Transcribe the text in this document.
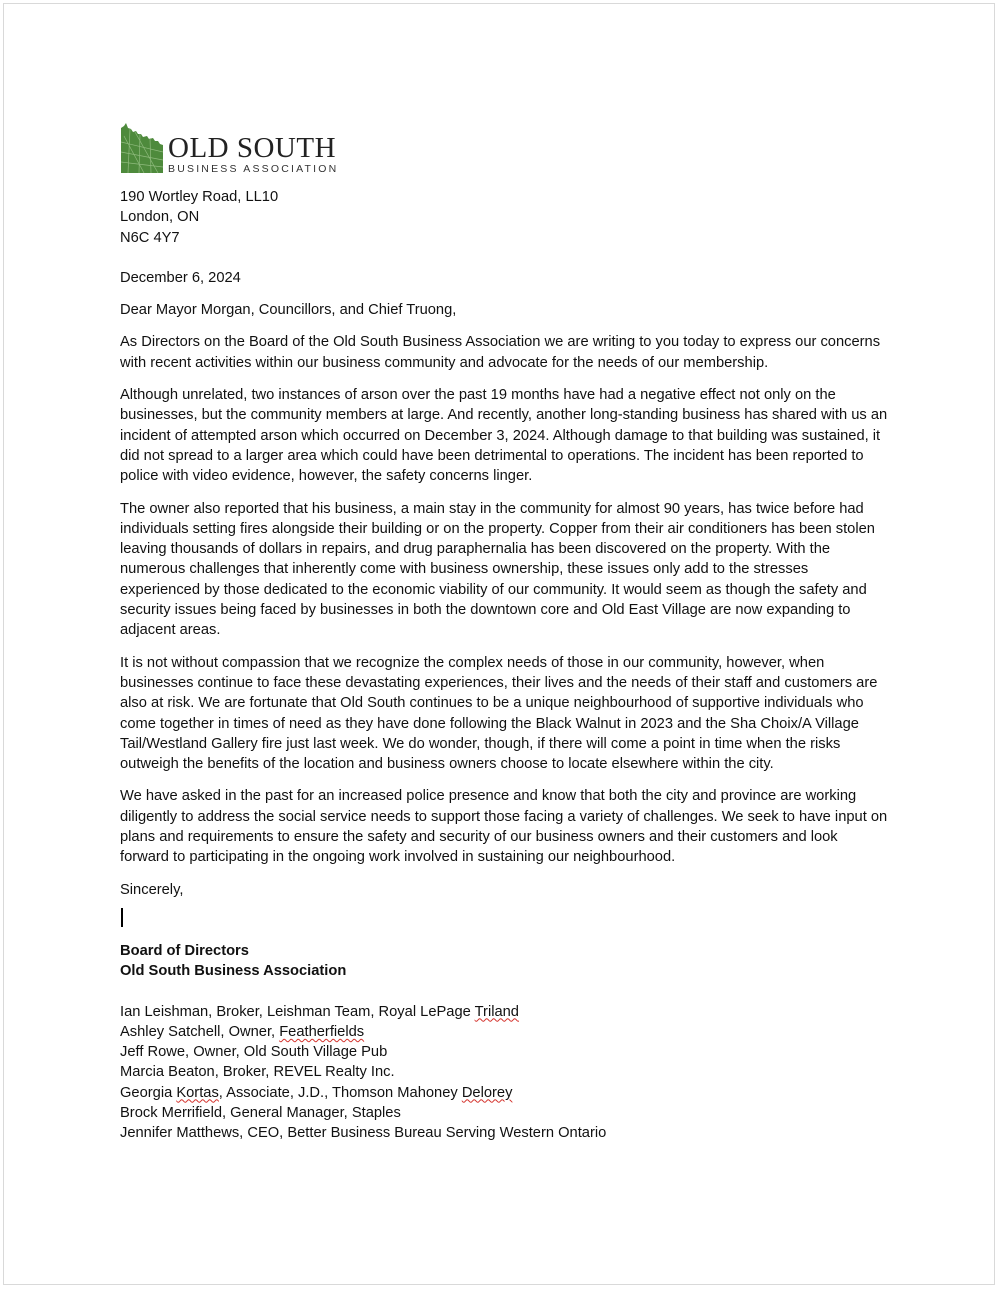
OLD SOUTH
BUSINESS ASSOCIATION
190 Wortley Road, LL10
London, ON
N6C 4Y7
December 6, 2024
Dear Mayor Morgan, Councillors, and Chief Truong,

As Directors on the Board of the Old South Business Association we are writing to you today to express our concerns with recent activities within our business community and advocate for the needs of our membership.

Although unrelated, two instances of arson over the past 19 months have had a negative effect not only on the businesses, but the community members at large. And recently, another long-standing business has shared with us an incident of attempted arson which occurred on December 3, 2024. Although damage to that building was sustained, it did not spread to a larger area which could have been detrimental to operations. The incident has been reported to police with video evidence, however, the safety concerns linger.

The owner also reported that his business, a main stay in the community for almost 90 years, has twice before had individuals setting fires alongside their building or on the property. Copper from their air conditioners has been stolen leaving thousands of dollars in repairs, and drug paraphernalia has been discovered on the property. With the numerous challenges that inherently come with business ownership, these issues only add to the stresses experienced by those dedicated to the economic viability of our community. It would seem as though the safety and security issues being faced by businesses in both the downtown core and Old East Village are now expanding to adjacent areas.

It is not without compassion that we recognize the complex needs of those in our community, however, when businesses continue to face these devastating experiences, their lives and the needs of their staff and customers are also at risk. We are fortunate that Old South continues to be a unique neighbourhood of supportive individuals who come together in times of need as they have done following the Black Walnut in 2023 and the Sha Choix/A Village Tail/Westland Gallery fire just last week. We do wonder, though, if there will come a point in time when the risks outweigh the benefits of the location and business owners choose to locate elsewhere within the city.

We have asked in the past for an increased police presence and know that both the city and province are working diligently to address the social service needs to support those facing a variety of challenges. We seek to have input on plans and requirements to ensure the safety and security of our business owners and their customers and look forward to participating in the ongoing work involved in sustaining our neighbourhood.

Sincerely,
Board of Directors
Old South Business Association
Ian Leishman, Broker, Leishman Team, Royal LePage Triland
Ashley Satchell, Owner, Featherfields
Jeff Rowe, Owner, Old South Village Pub
Marcia Beaton, Broker, REVEL Realty Inc.
Georgia Kortas, Associate, J.D., Thomson Mahoney Delorey
Brock Merrifield, General Manager, Staples
Jennifer Matthews, CEO, Better Business Bureau Serving Western Ontario
